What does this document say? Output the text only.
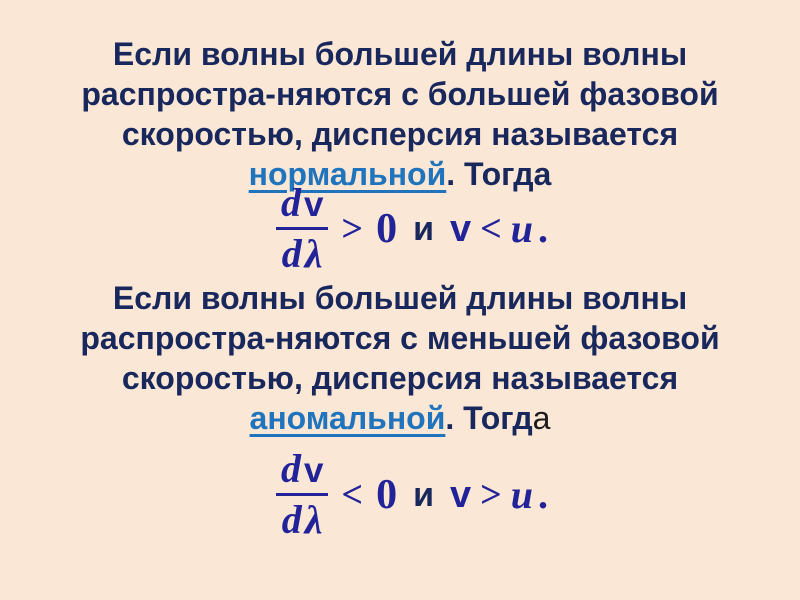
Если волны большей длины волны
распростра-няются с большей фазовой
скоростью, дисперсия называется
нормальной. Тогда
$\frac{\text{d v}}{\text{d λ}} > 0$ и v < u .
Если волны большей длины волны
распростра-няются с меньшей фазовой
скоростью, дисперсия называется
аномальной. Тогда
$\frac{\text{d v}}{\text{d λ}} < 0$ и v > u .
